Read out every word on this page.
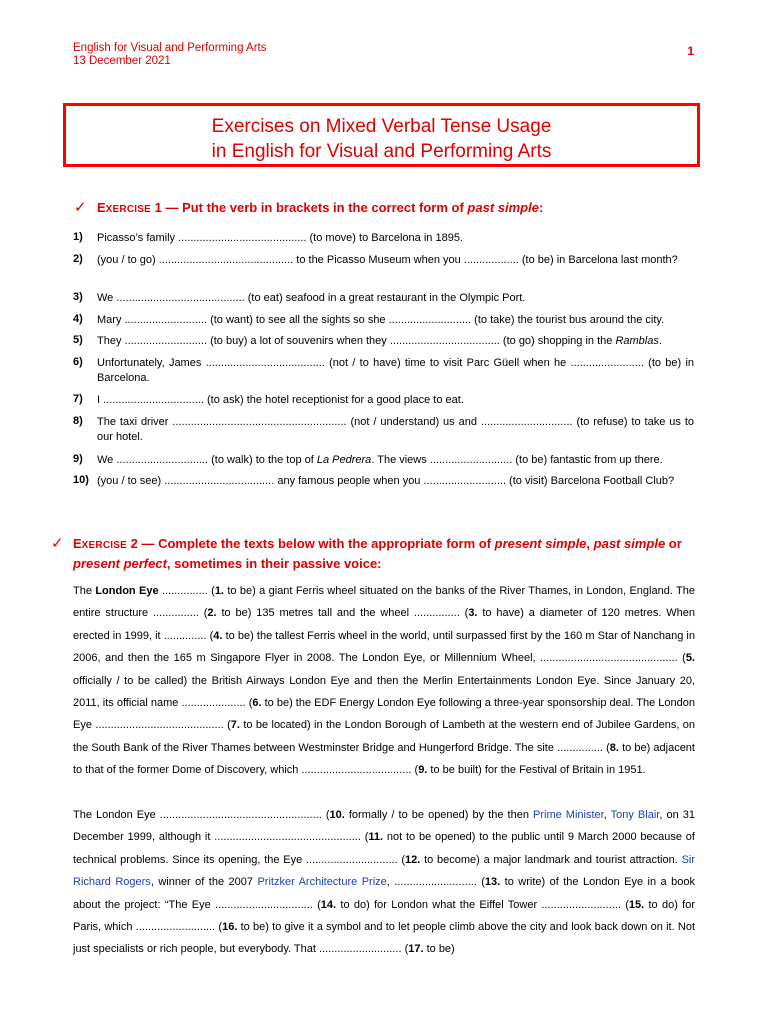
English for Visual and Performing Arts
13 December 2021
1
Exercises on Mixed Verbal Tense Usage
in English for Visual and Performing Arts
✓ EXERCISE 1 — Put the verb in brackets in the correct form of past simple:
1) Picasso’s family .......................................... (to move) to Barcelona in 1895.
2) (you / to go) ............................................ to the Picasso Museum when you .................. (to be) in Barcelona last month?
3) We .......................................... (to eat) seafood in a great restaurant in the Olympic Port.
4) Mary ........................... (to want) to see all the sights so she ........................... (to take) the tourist bus around the city.
5) They ........................... (to buy) a lot of souvenirs when they .................................... (to go) shopping in the Ramblas.
6) Unfortunately, James ....................................... (not / to have) time to visit Parc Güell when he ........................ (to be) in Barcelona.
7) I ................................. (to ask) the hotel receptionist for a good place to eat.
8) The taxi driver ......................................................... (not / understand) us and .............................. (to refuse) to take us to our hotel.
9) We .............................. (to walk) to the top of La Pedrera. The views ........................... (to be) fantastic from up there.
10) (you / to see) .................................... any famous people when you ........................... (to visit) Barcelona Football Club?
✓ EXERCISE 2 — Complete the texts below with the appropriate form of present simple, past simple or present perfect, sometimes in their passive voice:
The London Eye ............... (1. to be) a giant Ferris wheel situated on the banks of the River Thames, in London, England. The entire structure ............... (2. to be) 135 metres tall and the wheel ............... (3. to have) a diameter of 120 metres. When erected in 1999, it .............. (4. to be) the tallest Ferris wheel in the world, until surpassed first by the 160 m Star of Nanchang in 2006, and then the 165 m Singapore Flyer in 2008. The London Eye, or Millennium Wheel, ............................................. (5. officially / to be called) the British Airways London Eye and then the Merlin Entertainments London Eye. Since January 20, 2011, its official name ..................... (6. to be) the EDF Energy London Eye following a three-year sponsorship deal. The London Eye .......................................... (7. to be located) in the London Borough of Lambeth at the western end of Jubilee Gardens, on the South Bank of the River Thames between Westminster Bridge and Hungerford Bridge. The site ............... (8. to be) adjacent to that of the former Dome of Discovery, which .................................... (9. to be built) for the Festival of Britain in 1951.
The London Eye ..................................................... (10. formally / to be opened) by the then Prime Minister, Tony Blair, on 31 December 1999, although it ................................................ (11. not to be opened) to the public until 9 March 2000 because of technical problems. Since its opening, the Eye .............................. (12. to become) a major landmark and tourist attraction. Sir Richard Rogers, winner of the 2007 Pritzker Architecture Prize, ........................... (13. to write) of the London Eye in a book about the project: “The Eye ................................ (14. to do) for London what the Eiffel Tower .......................... (15. to do) for Paris, which .......................... (16. to be) to give it a symbol and to let people climb above the city and look back down on it. Not just specialists or rich people, but everybody. That ........................... (17. to be)
